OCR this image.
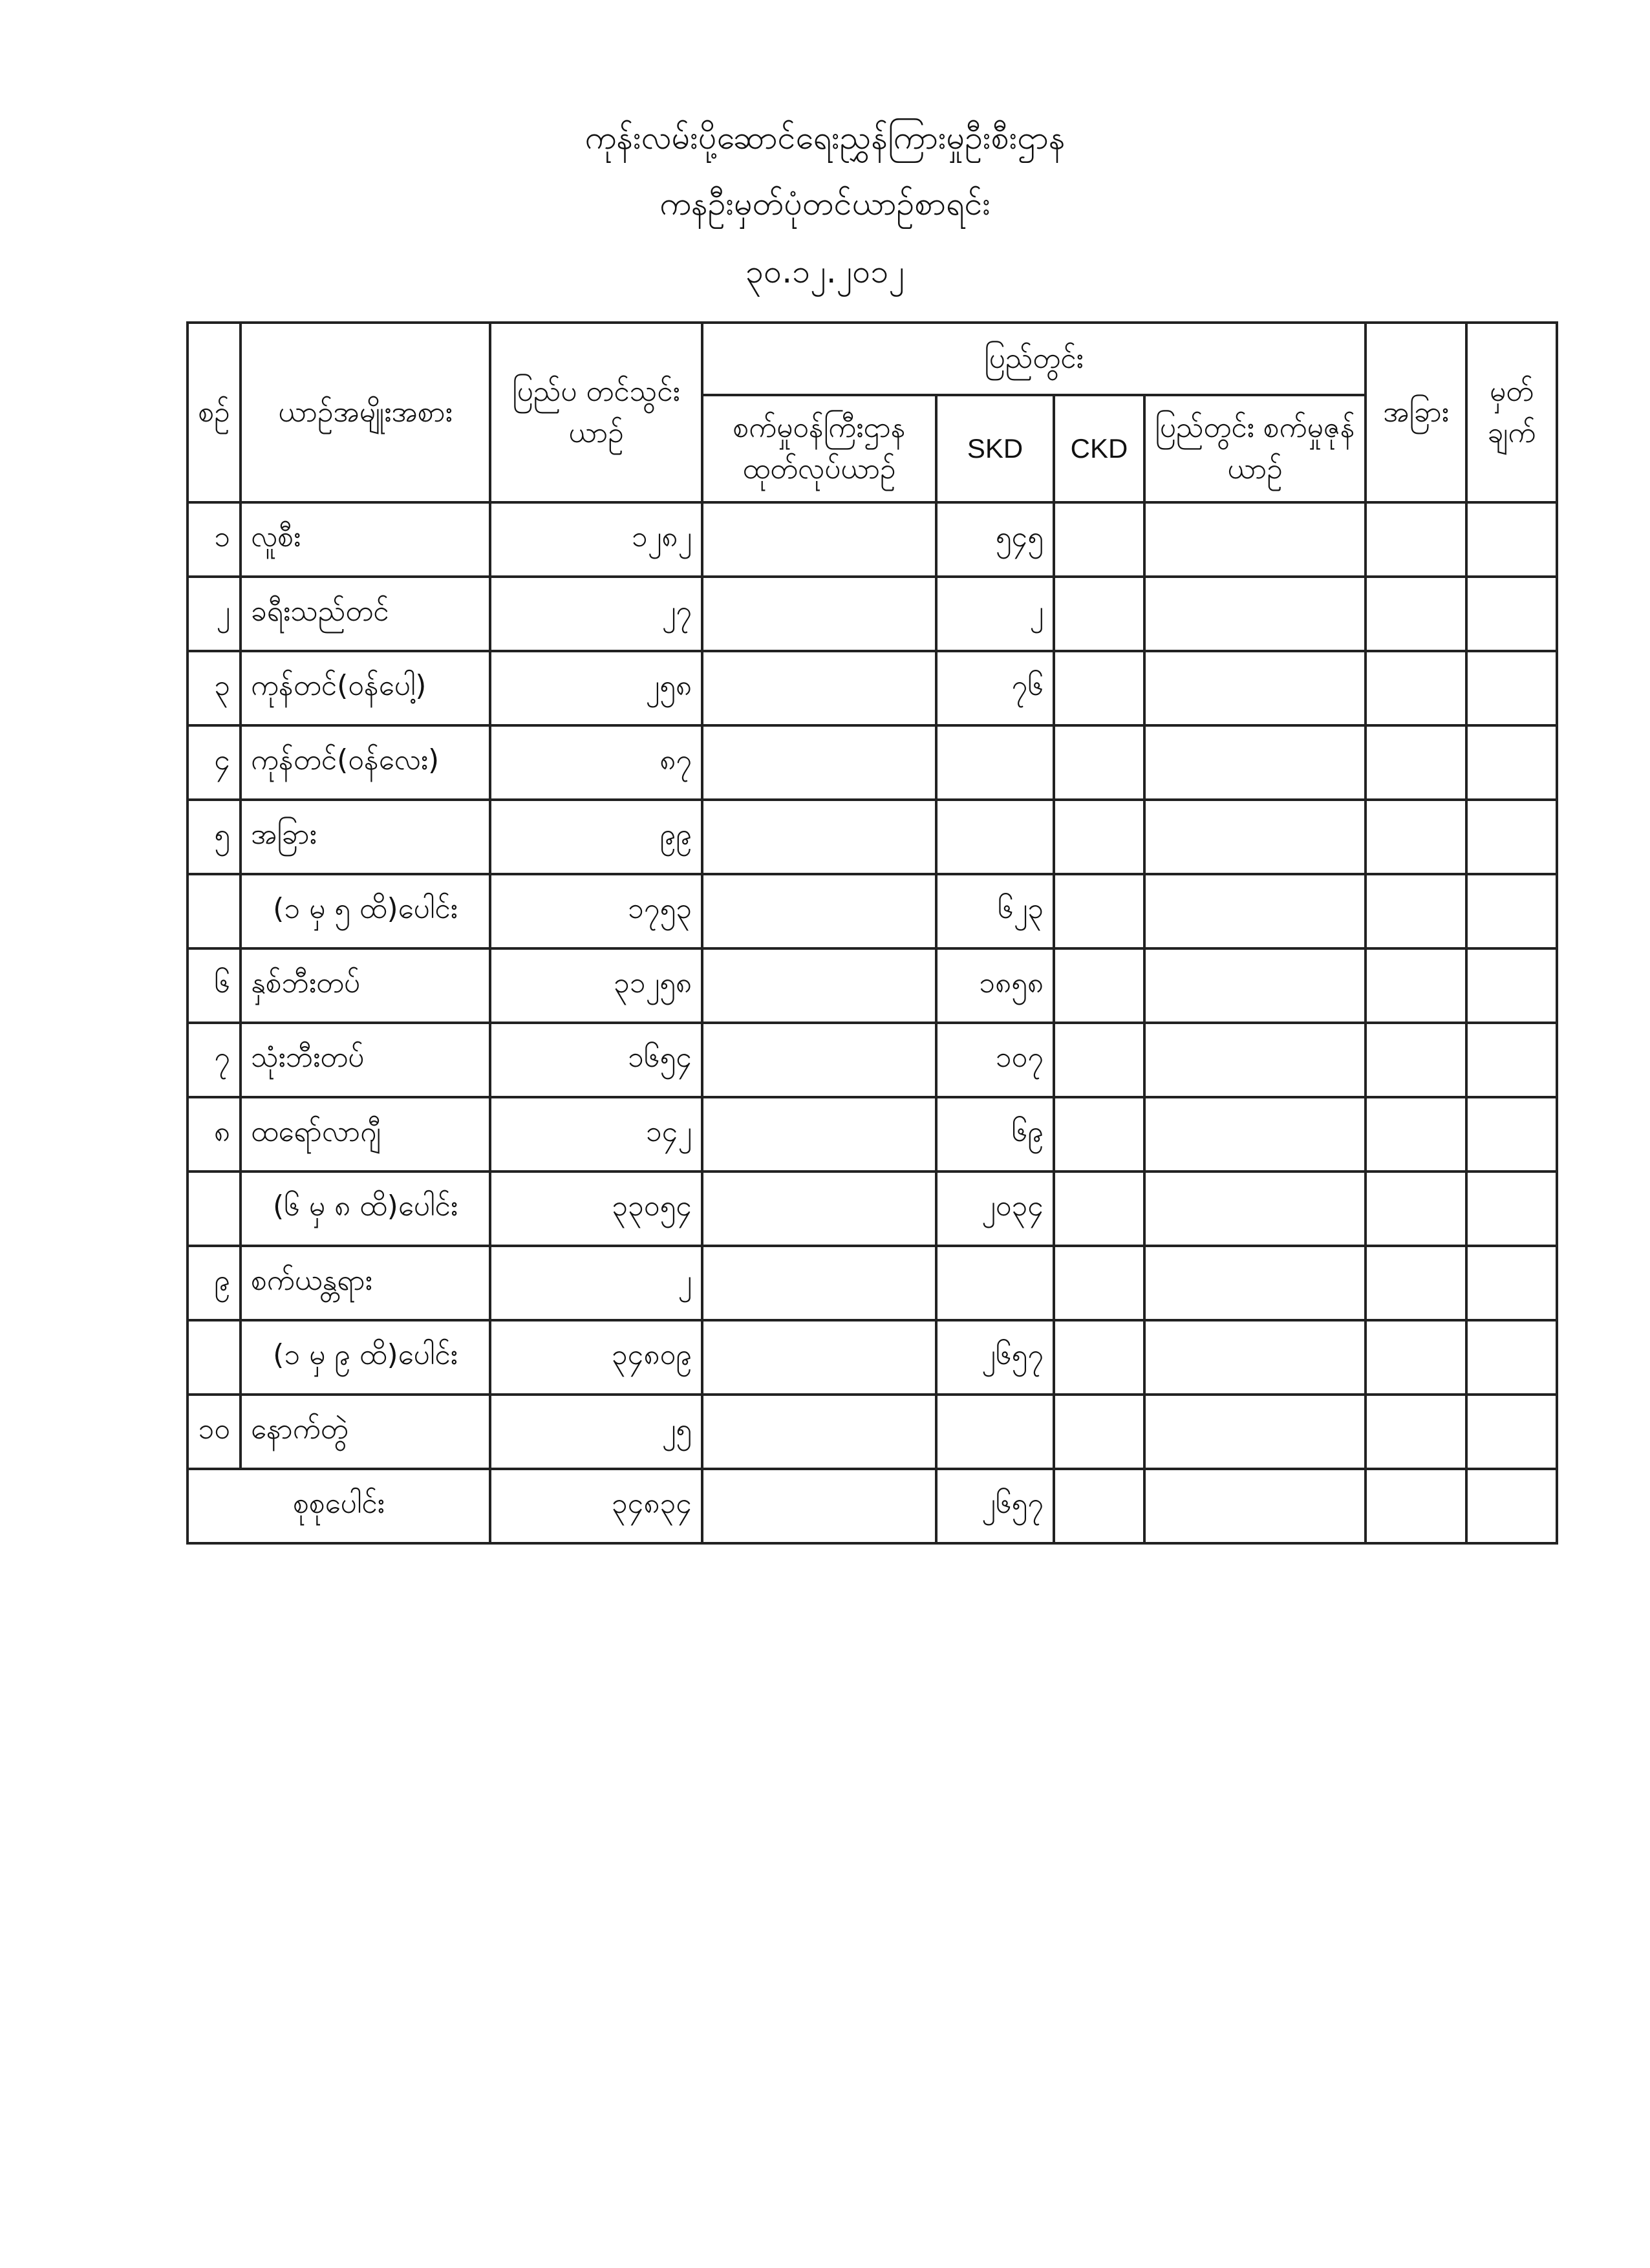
ကုန်းလမ်းပို့ဆောင်ရေးညွှန်ကြားမှုဦးစီးဌာန
ကနဦးမှတ်ပုံတင်ယာဉ်စာရင်း
၃၀.၁၂.၂၀၁၂
စဉ်	ယာဉ်အမျိုးအစား	ပြည်ပ တင်သွင်းယာဉ်	ပြည်တွင်း				အခြား	မှတ် ချက်
			စက်မှုဝန်ကြီးဌာန ထုတ်လုပ်ယာဉ်	SKD	CKD	ပြည်တွင်း စက်မှုဇုန်ယာဉ်		
၁	လူစီး	၁၂၈၂		၅၄၅				
၂	ခရီးသည်တင်	၂၇		၂				
၃	ကုန်တင်(ဝန်ပေါ့)	၂၅၈		၇၆				
၄	ကုန်တင်(ဝန်လေး)	၈၇						
၅	အခြား	၉၉						
	(၁ မှ ၅ ထိ)ပေါင်း	၁၇၅၃		၆၂၃				
၆	နှစ်ဘီးတပ်	၃၁၂၅၈		၁၈၅၈				
၇	သုံးဘီးတပ်	၁၆၅၄		၁၀၇				
၈	ထရော်လာဂျီ	၁၄၂		၆၉				
	(၆ မှ ၈ ထိ)ပေါင်း	၃၃၀၅၄		၂၀၃၄				
၉	စက်ယန္တရား	၂						
	(၁ မှ ၉ ထိ)ပေါင်း	၃၄၈၀၉		၂၆၅၇				
၁၀	နောက်တွဲ	၂၅						
စုစုပေါင်း		၃၄၈၃၄		၂၆၅၇				
